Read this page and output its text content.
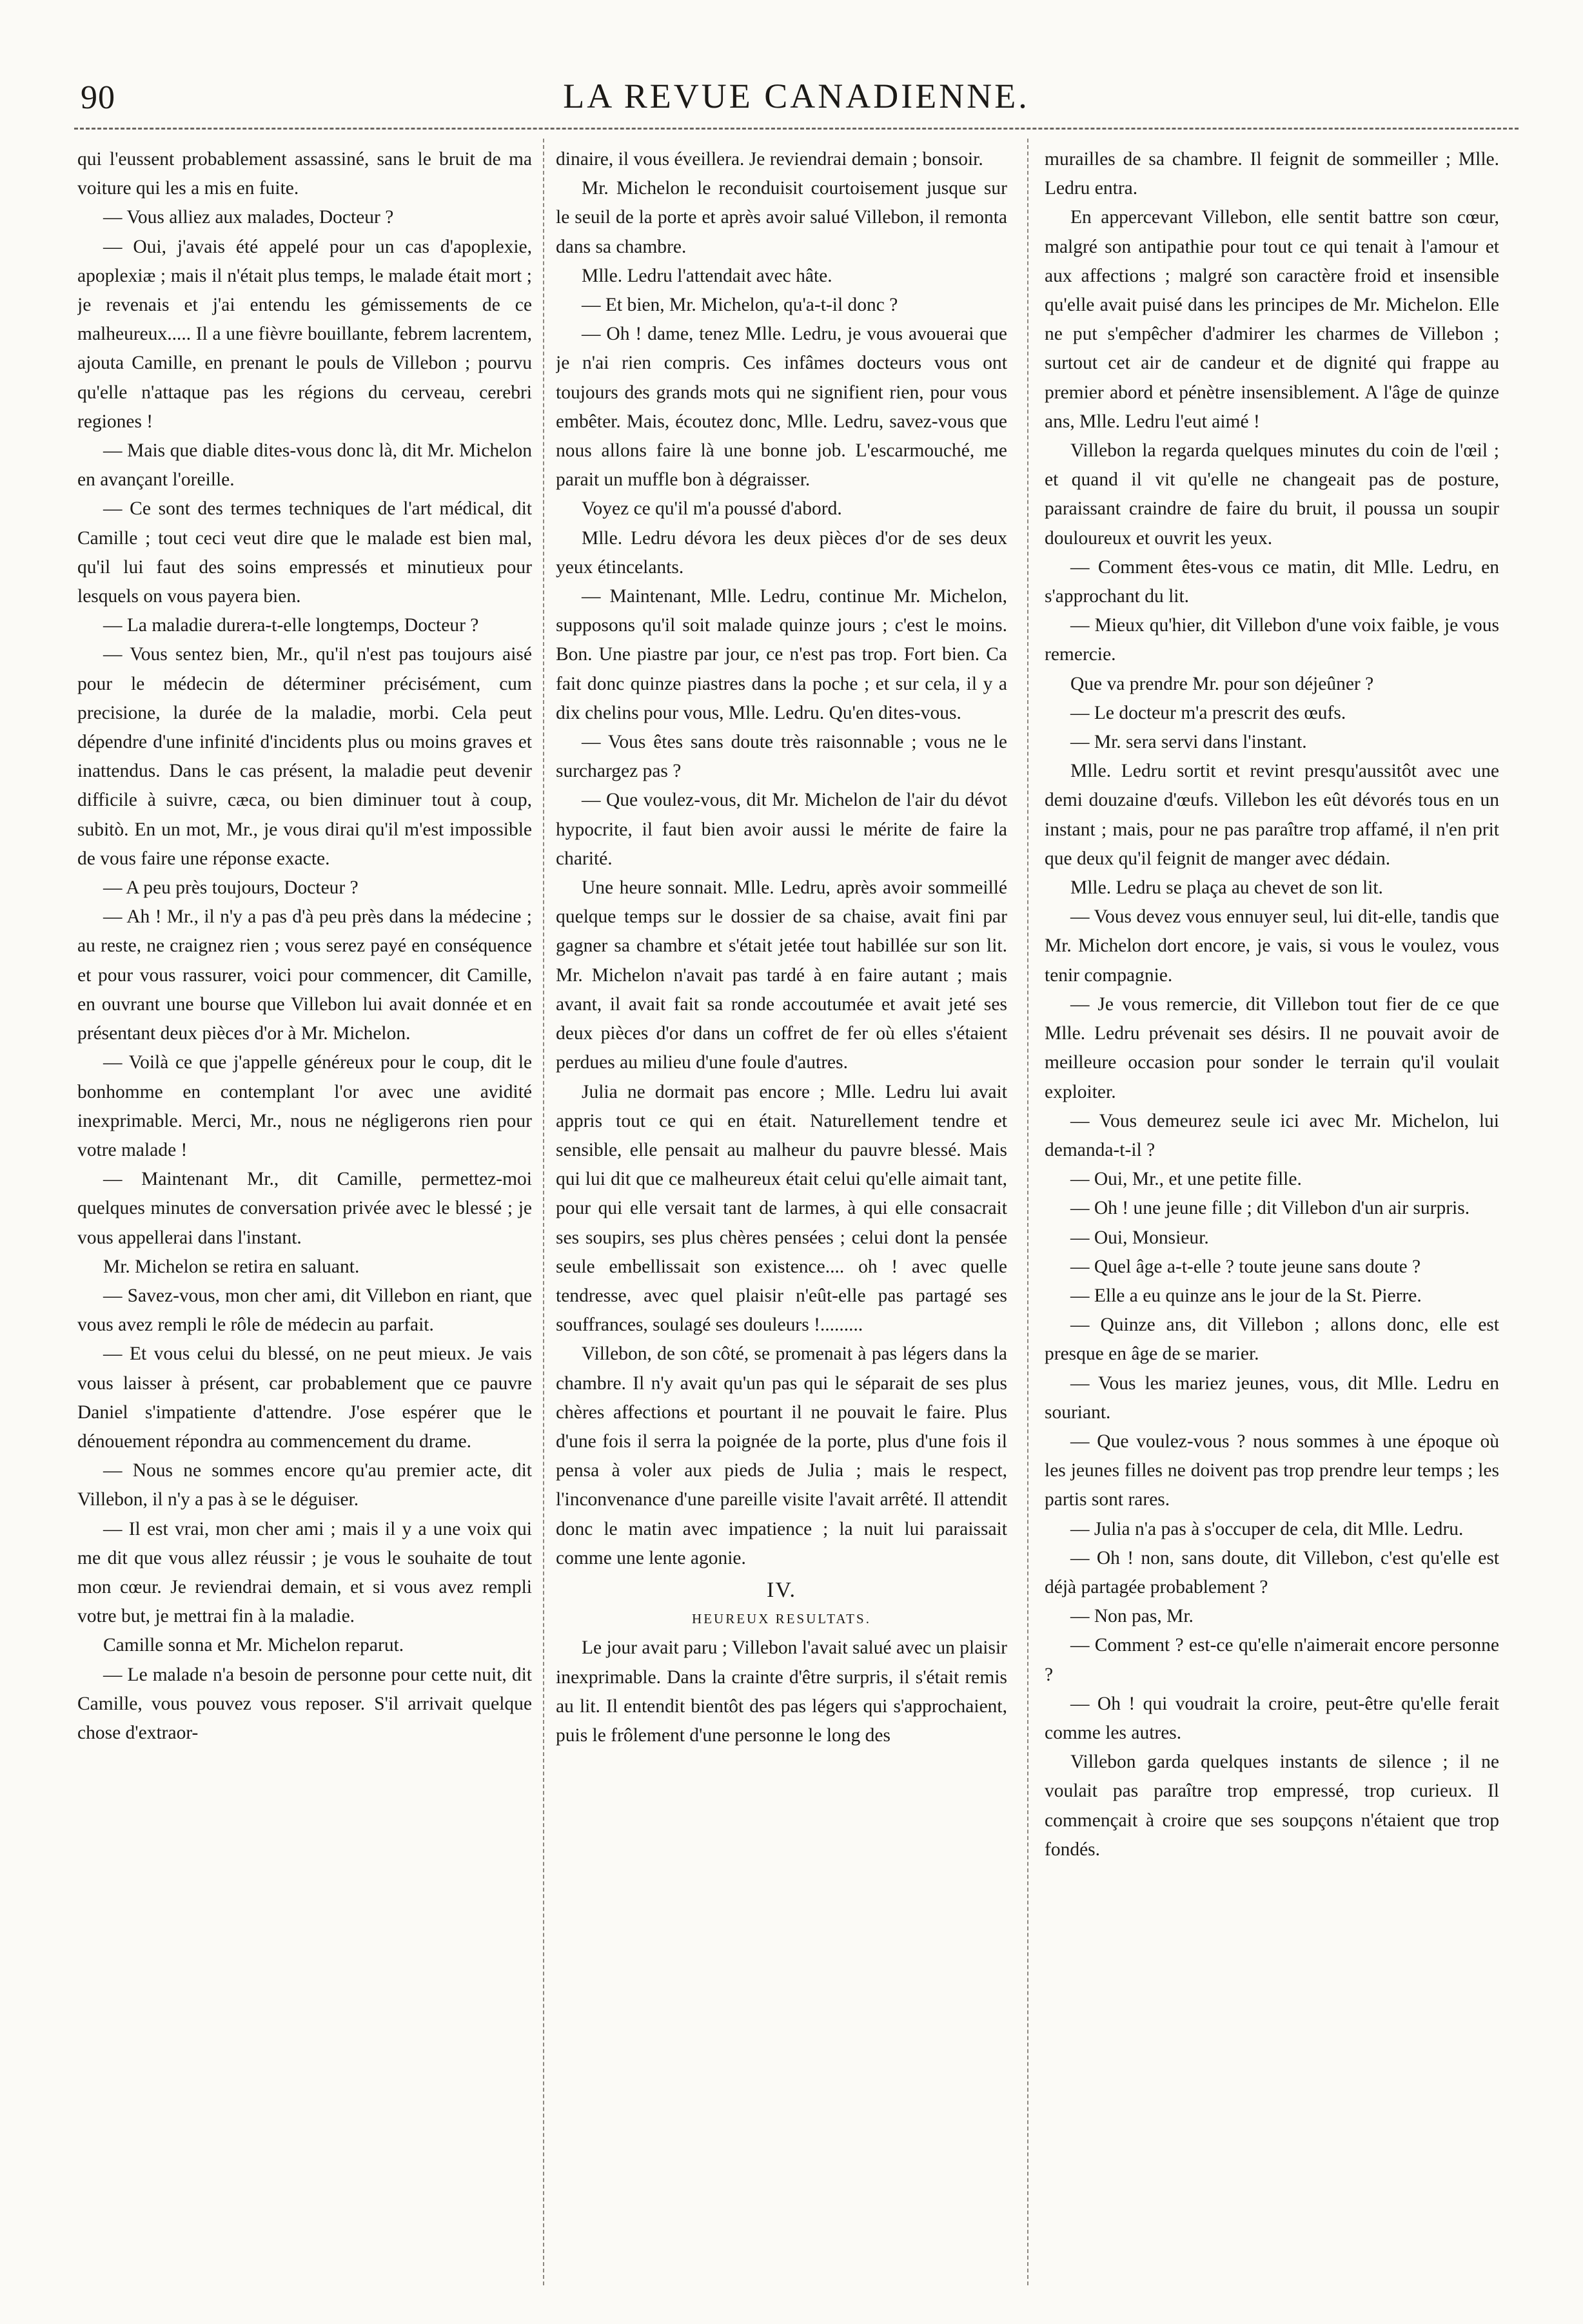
90	LA REVUE CANADIENNE.

qui l'eussent probablement assassiné, sans le bruit de ma voiture qui les a mis en fuite.

— Vous alliez aux malades, Docteur ?

— Oui, j'avais été appelé pour un cas d'apoplexie, apoplexiæ ; mais il n'était plus temps, le malade était mort ; je revenais et j'ai entendu les gémissements de ce malheureux..... Il a une fièvre bouillante, febrem lacrentem, ajouta Camille, en prenant le pouls de Villebon ; pourvu qu'elle n'attaque pas les régions du cerveau, cerebri regiones !

— Mais que diable dites-vous donc là, dit Mr. Michelon en avançant l'oreille.

— Ce sont des termes techniques de l'art médical, dit Camille ; tout ceci veut dire que le malade est bien mal, qu'il lui faut des soins empressés et minutieux pour lesquels on vous payera bien.

— La maladie durera-t-elle longtemps, Docteur ?

— Vous sentez bien, Mr., qu'il n'est pas toujours aisé pour le médecin de déterminer précisément, cum precisione, la durée de la maladie, morbi. Cela peut dépendre d'une infinité d'incidents plus ou moins graves et inattendus. Dans le cas présent, la maladie peut devenir difficile à suivre, cæca, ou bien diminuer tout à coup, subitò. En un mot, Mr., je vous dirai qu'il m'est impossible de vous faire une réponse exacte.

— A peu près toujours, Docteur ?

— Ah ! Mr., il n'y a pas d'à peu près dans la médecine ; au reste, ne craignez rien ; vous serez payé en conséquence et pour vous rassurer, voici pour commencer, dit Camille, en ouvrant une bourse que Villebon lui avait donnée et en présentant deux pièces d'or à Mr. Michelon.

— Voilà ce que j'appelle généreux pour le coup, dit le bonhomme en contemplant l'or avec une avidité inexprimable. Merci, Mr., nous ne négligerons rien pour votre malade !

— Maintenant Mr., dit Camille, permettez-moi quelques minutes de conversation privée avec le blessé ; je vous appellerai dans l'instant.

Mr. Michelon se retira en saluant.

— Savez-vous, mon cher ami, dit Villebon en riant, que vous avez rempli le rôle de médecin au parfait.

— Et vous celui du blessé, on ne peut mieux. Je vais vous laisser à présent, car probablement que ce pauvre Daniel s'impatiente d'attendre. J'ose espérer que le dénouement répondra au commencement du drame.

— Nous ne sommes encore qu'au premier acte, dit Villebon, il n'y a pas à se le déguiser.

— Il est vrai, mon cher ami ; mais il y a une voix qui me dit que vous allez réussir ; je vous le souhaite de tout mon cœur. Je reviendrai demain, et si vous avez rempli votre but, je mettrai fin à la maladie.

Camille sonna et Mr. Michelon reparut.

— Le malade n'a besoin de personne pour cette nuit, dit Camille, vous pouvez vous reposer. S'il arrivait quelque chose d'extraor-

dinaire, il vous éveillera. Je reviendrai demain ; bonsoir.

Mr. Michelon le reconduisit courtoisement jusque sur le seuil de la porte et après avoir salué Villebon, il remonta dans sa chambre.

Mlle. Ledru l'attendait avec hâte.

— Et bien, Mr. Michelon, qu'a-t-il donc ?

— Oh ! dame, tenez Mlle. Ledru, je vous avouerai que je n'ai rien compris. Ces infâmes docteurs vous ont toujours des grands mots qui ne signifient rien, pour vous embêter. Mais, écoutez donc, Mlle. Ledru, savez-vous que nous allons faire là une bonne job. L'escarmouché, me parait un muffle bon à dégraisser.

Voyez ce qu'il m'a poussé d'abord.

Mlle. Ledru dévora les deux pièces d'or de ses deux yeux étincelants.

— Maintenant, Mlle. Ledru, continue Mr. Michelon, supposons qu'il soit malade quinze jours ; c'est le moins. Bon. Une piastre par jour, ce n'est pas trop. Fort bien. Ca fait donc quinze piastres dans la poche ; et sur cela, il y a dix chelins pour vous, Mlle. Ledru. Qu'en dites-vous.

— Vous êtes sans doute très raisonnable ; vous ne le surchargez pas ?

— Que voulez-vous, dit Mr. Michelon de l'air du dévot hypocrite, il faut bien avoir aussi le mérite de faire la charité.

Une heure sonnait. Mlle. Ledru, après avoir sommeillé quelque temps sur le dossier de sa chaise, avait fini par gagner sa chambre et s'était jetée tout habillée sur son lit. Mr. Michelon n'avait pas tardé à en faire autant ; mais avant, il avait fait sa ronde accoutumée et avait jeté ses deux pièces d'or dans un coffret de fer où elles s'étaient perdues au milieu d'une foule d'autres.

Julia ne dormait pas encore ; Mlle. Ledru lui avait appris tout ce qui en était. Naturellement tendre et sensible, elle pensait au malheur du pauvre blessé. Mais qui lui dit que ce malheureux était celui qu'elle aimait tant, pour qui elle versait tant de larmes, à qui elle consacrait ses soupirs, ses plus chères pensées ; celui dont la pensée seule embellissait son existence.... oh ! avec quelle tendresse, avec quel plaisir n'eût-elle pas partagé ses souffrances, soulagé ses douleurs !.........

Villebon, de son côté, se promenait à pas légers dans la chambre. Il n'y avait qu'un pas qui le séparait de ses plus chères affections et pourtant il ne pouvait le faire. Plus d'une fois il serra la poignée de la porte, plus d'une fois il pensa à voler aux pieds de Julia ; mais le respect, l'inconvenance d'une pareille visite l'avait arrêté. Il attendit donc le matin avec impatience ; la nuit lui paraissait comme une lente agonie.

IV.

HEUREUX RESULTATS.

Le jour avait paru ; Villebon l'avait salué avec un plaisir inexprimable. Dans la crainte d'être surpris, il s'était remis au lit. Il entendit bientôt des pas légers qui s'approchaient, puis le frôlement d'une personne le long des

murailles de sa chambre. Il feignit de sommeiller ; Mlle. Ledru entra.

En appercevant Villebon, elle sentit battre son cœur, malgré son antipathie pour tout ce qui tenait à l'amour et aux affections ; malgré son caractère froid et insensible qu'elle avait puisé dans les principes de Mr. Michelon. Elle ne put s'empêcher d'admirer les charmes de Villebon ; surtout cet air de candeur et de dignité qui frappe au premier abord et pénètre insensiblement. A l'âge de quinze ans, Mlle. Ledru l'eut aimé !

Villebon la regarda quelques minutes du coin de l'œil ; et quand il vit qu'elle ne changeait pas de posture, paraissant craindre de faire du bruit, il poussa un soupir douloureux et ouvrit les yeux.

— Comment êtes-vous ce matin, dit Mlle. Ledru, en s'approchant du lit.

— Mieux qu'hier, dit Villebon d'une voix faible, je vous remercie.

Que va prendre Mr. pour son déjeûner ?

— Le docteur m'a prescrit des œufs.

— Mr. sera servi dans l'instant.

Mlle. Ledru sortit et revint presqu'aussitôt avec une demi douzaine d'œufs. Villebon les eût dévorés tous en un instant ; mais, pour ne pas paraître trop affamé, il n'en prit que deux qu'il feignit de manger avec dédain.

Mlle. Ledru se plaça au chevet de son lit.

— Vous devez vous ennuyer seul, lui dit-elle, tandis que Mr. Michelon dort encore, je vais, si vous le voulez, vous tenir compagnie.

— Je vous remercie, dit Villebon tout fier de ce que Mlle. Ledru prévenait ses désirs. Il ne pouvait avoir de meilleure occasion pour sonder le terrain qu'il voulait exploiter.

— Vous demeurez seule ici avec Mr. Michelon, lui demanda-t-il ?

— Oui, Mr., et une petite fille.

— Oh ! une jeune fille ; dit Villebon d'un air surpris.

— Oui, Monsieur.

— Quel âge a-t-elle ? toute jeune sans doute ?

— Elle a eu quinze ans le jour de la St. Pierre.

— Quinze ans, dit Villebon ; allons donc, elle est presque en âge de se marier.

— Vous les mariez jeunes, vous, dit Mlle. Ledru en souriant.

— Que voulez-vous ? nous sommes à une époque où les jeunes filles ne doivent pas trop prendre leur temps ; les partis sont rares.

— Julia n'a pas à s'occuper de cela, dit Mlle. Ledru.

— Oh ! non, sans doute, dit Villebon, c'est qu'elle est déjà partagée probablement ?

— Non pas, Mr.

— Comment ? est-ce qu'elle n'aimerait encore personne ?

— Oh ! qui voudrait la croire, peut-être qu'elle ferait comme les autres.

Villebon garda quelques instants de silence ; il ne voulait pas paraître trop empressé, trop curieux. Il commençait à croire que ses soupçons n'étaient que trop fondés.
